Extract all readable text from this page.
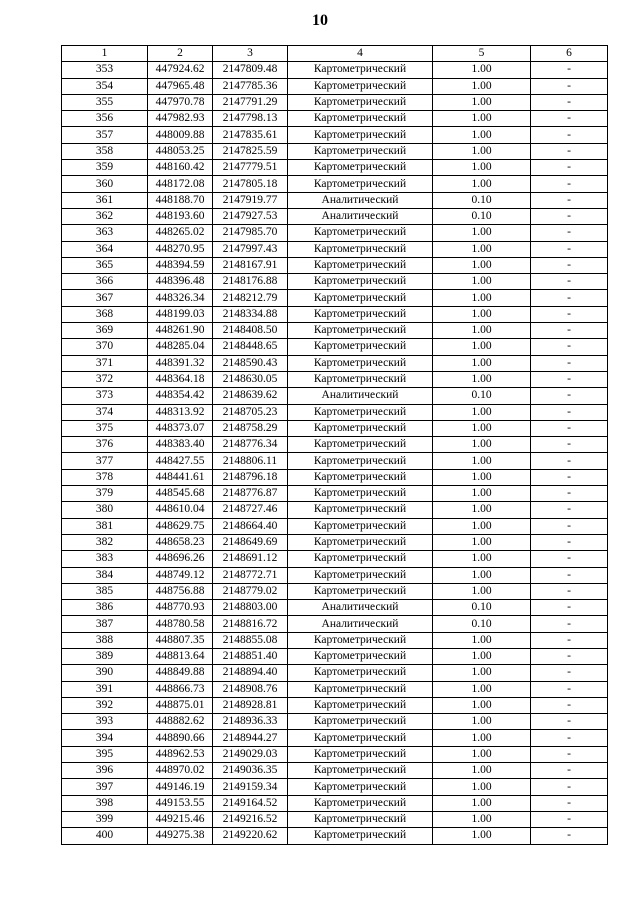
10
1	2	3	4	5	6
353	447924.62	2147809.48	Картометрический	1.00	-
354	447965.48	2147785.36	Картометрический	1.00	-
355	447970.78	2147791.29	Картометрический	1.00	-
356	447982.93	2147798.13	Картометрический	1.00	-
357	448009.88	2147835.61	Картометрический	1.00	-
358	448053.25	2147825.59	Картометрический	1.00	-
359	448160.42	2147779.51	Картометрический	1.00	-
360	448172.08	2147805.18	Картометрический	1.00	-
361	448188.70	2147919.77	Аналитический	0.10	-
362	448193.60	2147927.53	Аналитический	0.10	-
363	448265.02	2147985.70	Картометрический	1.00	-
364	448270.95	2147997.43	Картометрический	1.00	-
365	448394.59	2148167.91	Картометрический	1.00	-
366	448396.48	2148176.88	Картометрический	1.00	-
367	448326.34	2148212.79	Картометрический	1.00	-
368	448199.03	2148334.88	Картометрический	1.00	-
369	448261.90	2148408.50	Картометрический	1.00	-
370	448285.04	2148448.65	Картометрический	1.00	-
371	448391.32	2148590.43	Картометрический	1.00	-
372	448364.18	2148630.05	Картометрический	1.00	-
373	448354.42	2148639.62	Аналитический	0.10	-
374	448313.92	2148705.23	Картометрический	1.00	-
375	448373.07	2148758.29	Картометрический	1.00	-
376	448383.40	2148776.34	Картометрический	1.00	-
377	448427.55	2148806.11	Картометрический	1.00	-
378	448441.61	2148796.18	Картометрический	1.00	-
379	448545.68	2148776.87	Картометрический	1.00	-
380	448610.04	2148727.46	Картометрический	1.00	-
381	448629.75	2148664.40	Картометрический	1.00	-
382	448658.23	2148649.69	Картометрический	1.00	-
383	448696.26	2148691.12	Картометрический	1.00	-
384	448749.12	2148772.71	Картометрический	1.00	-
385	448756.88	2148779.02	Картометрический	1.00	-
386	448770.93	2148803.00	Аналитический	0.10	-
387	448780.58	2148816.72	Аналитический	0.10	-
388	448807.35	2148855.08	Картометрический	1.00	-
389	448813.64	2148851.40	Картометрический	1.00	-
390	448849.88	2148894.40	Картометрический	1.00	-
391	448866.73	2148908.76	Картометрический	1.00	-
392	448875.01	2148928.81	Картометрический	1.00	-
393	448882.62	2148936.33	Картометрический	1.00	-
394	448890.66	2148944.27	Картометрический	1.00	-
395	448962.53	2149029.03	Картометрический	1.00	-
396	448970.02	2149036.35	Картометрический	1.00	-
397	449146.19	2149159.34	Картометрический	1.00	-
398	449153.55	2149164.52	Картометрический	1.00	-
399	449215.46	2149216.52	Картометрический	1.00	-
400	449275.38	2149220.62	Картометрический	1.00	-
